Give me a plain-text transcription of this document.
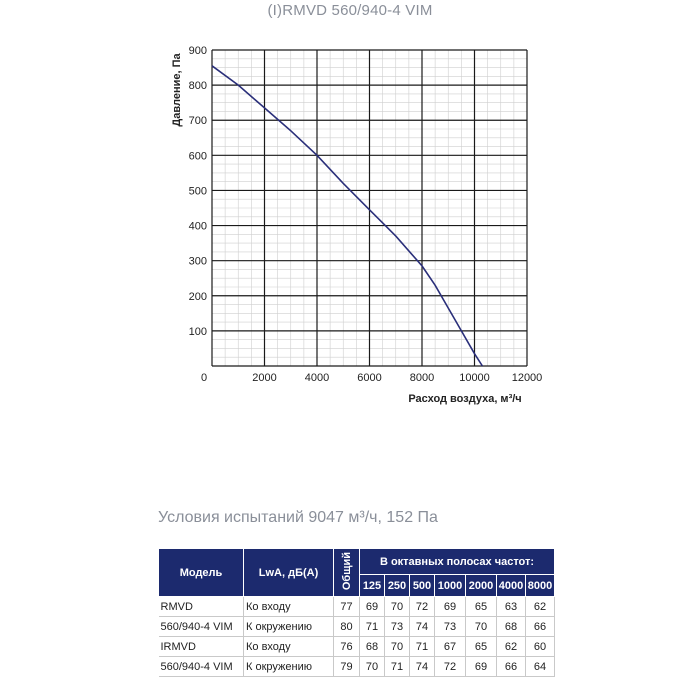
(I)RMVD 560/940-4 VIM
100
200
300
400
500
600
700
800
900
0	2000	4000	6000	8000 10000 12000
Давление, Па
Расход воздуха, м³/ч
Условия испытаний 9047 м³/ч, 152 Па
Модель	LwA, дБ(А)	Общий	В октавных полосах частот:						
			125	250	500	1000	2000	4000	8000
RMVD	Ко входу	77	69	70	72	69	65	63	62
560/940-4 VIM	К окружению	80	71	73	74	73	70	68	66
IRMVD	Ко входу	76	68	70	71	67	65	62	60
560/940-4 VIM	К окружению	79	70	71	74	72	69	66	64
